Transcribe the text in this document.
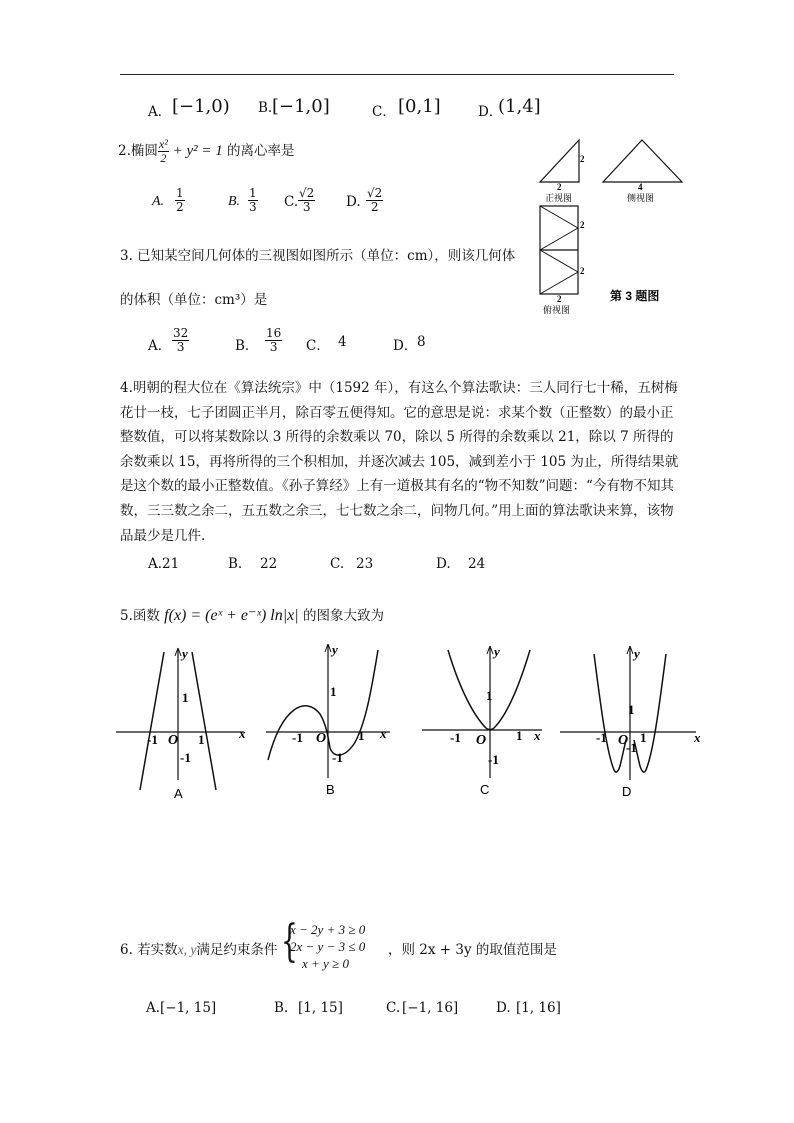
A． [−1,0) B. [−1,0]	C． [0,1]	D．
(1,4]
2.椭圆 $\frac{\text{x²}}{2} + y^2 = 1$ 的离心率是
A. $\frac{1}{2}$	B. $\frac{1}{3} C$. $\frac{√2}{3} D$. $\frac{√2}{2}$
3. 已知某空间几何体的三视图如图所示（单位：cm），则该几何体
的体积（单位：cm³）是
A． $\frac{32}{3}$	B． $\frac{16}{3}$ C． 4	D． 8
2
2
正视图
4
侧视图
2
2
2
俯视图
第 3 题图
4.明朝的程大位在《算法统宗》中（1592 年），有这么个算法歌诀：三人同行七十稀，五树梅花廿一枝，七子团圆正半月，除百零五便得知。它的意思是说：求某个数（正整数）的最小正整数值，可以将某数除以 3 所得的余数乘以 70，除以 5 所得的余数乘以 21，除以 7 所得的余数乘以 15，再将所得的三个积相加，并逐次减去 105，减到差小于 105 为止，所得结果就是这个数的最小正整数值。《孙子算经》上有一道极其有名的“物不知数”问题：“今有物不知其数，三三数之余二，五五数之余三，七七数之余二，问物几何。”用上面的算法歌诀来算，该物品最少是几件.
A. 21	B. 22	C. 23	D. 24
5.函数 f(x) = (eˣ + e⁻ˣ) ln|x| 的图象大致为
y
x
1
-1	1
O
-1
A
y
x
1
-1	1
O
-1
B
y
x
1
-1	1
O
-1
C
y
x
1
-1	1
O
-1
D
6. 若实数x, y满足约束条件 {
x − 2y + 3 ≥ 0
2x − y − 3 ≤ 0
x + y ≥ 0
，则 2x + 3y 的取值范围是
A. [−1, 15]	B. [1, 15]	C. [−1, 16]	D. [1, 16]
